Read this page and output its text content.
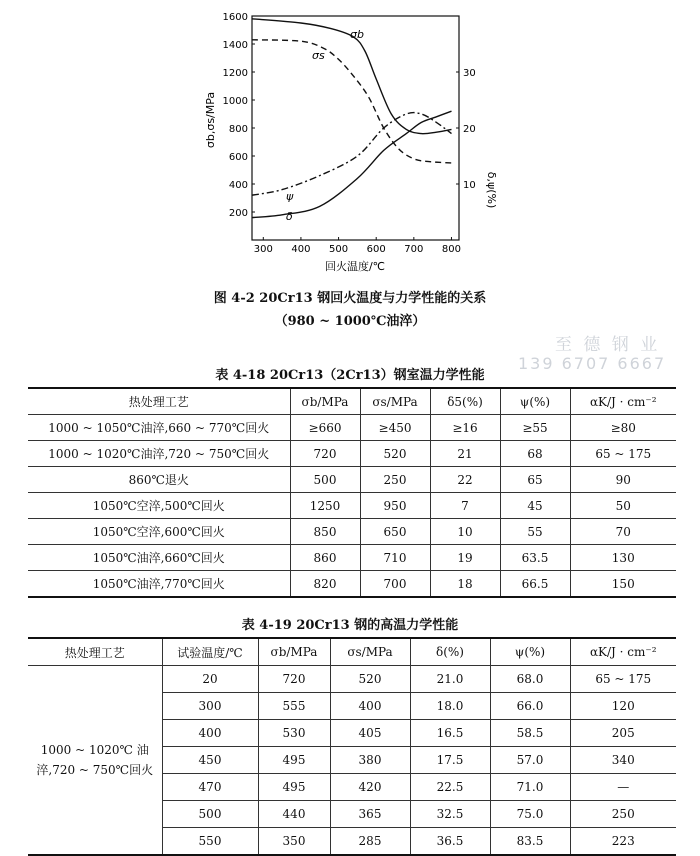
σb,σs/MPa
δ,ψ(%)
200
400
600
800
1000
1200
1400
1600
10
20
30
300 400 500 600 700 800
σb
σs
ψ
δ
回火温度/℃
图 4-2 20Cr13 钢回火温度与力学性能的关系
（980 ~ 1000℃油淬）
至 德 钢 业
139 6707 6667
表 4-18 20Cr13（2Cr13）钢室温力学性能
热处理工艺	σb/MPa	σs/MPa	δ5(%)	ψ(%)	αK/J · cm⁻²
1000 ~ 1050℃油淬,660 ~ 770℃回火	≥660	≥450	≥16	≥55	≥80
1000 ~ 1020℃油淬,720 ~ 750℃回火	720	520	21	68	65 ~ 175
860℃退火	500	250	22	65	90
1050℃空淬,500℃回火	1250	950	7	45	50
1050℃空淬,600℃回火	850	650	10	55	70
1050℃油淬,660℃回火	860	710	19	63.5	130
1050℃油淬,770℃回火	820	700	18	66.5	150
表 4-19 20Cr13 钢的高温力学性能
热处理工艺	试验温度/℃	σb/MPa	σs/MPa	δ(%)	ψ(%)	αK/J · cm⁻²

1000 ~ 1020℃ 油
淬,720 ~ 750℃回火	20	720	520	21.0	68.0	65 ~ 175
	300	555	400	18.0	66.0	120
	400	530	405	16.5	58.5	205
	450	495	380	17.5	57.0	340
	470	495	420	22.5	71.0	—
	500	440	365	32.5	75.0	250
	550	350	285	36.5	83.5	223
